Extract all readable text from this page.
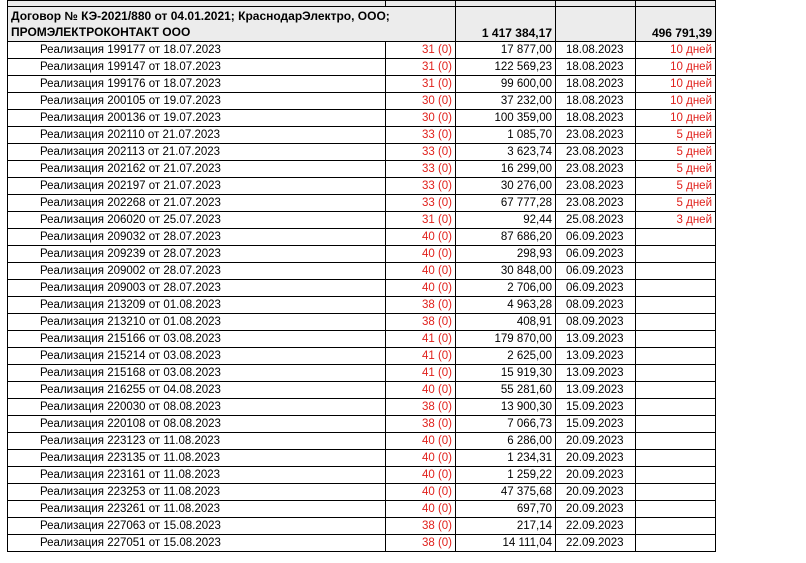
Договор № КЭ-2021/880 от 04.01.2021; КраснодарЭлектро, ООО;
ПРОМЭЛЕКТРОКОНТАКТ ООО		1 417 384,17		496 791,39
Реализация 199177 от 18.07.2023	31 (0)	17 877,00	18.08.2023	10 дней
Реализация 199147 от 18.07.2023	31 (0)	122 569,23	18.08.2023	10 дней
Реализация 199176 от 18.07.2023	31 (0)	99 600,00	18.08.2023	10 дней
Реализация 200105 от 19.07.2023	30 (0)	37 232,00	18.08.2023	10 дней
Реализация 200136 от 19.07.2023	30 (0)	100 359,00	18.08.2023	10 дней
Реализация 202110 от 21.07.2023	33 (0)	1 085,70	23.08.2023	5 дней
Реализация 202113 от 21.07.2023	33 (0)	3 623,74	23.08.2023	5 дней
Реализация 202162 от 21.07.2023	33 (0)	16 299,00	23.08.2023	5 дней
Реализация 202197 от 21.07.2023	33 (0)	30 276,00	23.08.2023	5 дней
Реализация 202268 от 21.07.2023	33 (0)	67 777,28	23.08.2023	5 дней
Реализация 206020 от 25.07.2023	31 (0)	92,44	25.08.2023	3 дней
Реализация 209032 от 28.07.2023	40 (0)	87 686,20	06.09.2023	
Реализация 209239 от 28.07.2023	40 (0)	298,93	06.09.2023	
Реализация 209002 от 28.07.2023	40 (0)	30 848,00	06.09.2023	
Реализация 209003 от 28.07.2023	40 (0)	2 706,00	06.09.2023	
Реализация 213209 от 01.08.2023	38 (0)	4 963,28	08.09.2023	
Реализация 213210 от 01.08.2023	38 (0)	408,91	08.09.2023	
Реализация 215166 от 03.08.2023	41 (0)	179 870,00	13.09.2023	
Реализация 215214 от 03.08.2023	41 (0)	2 625,00	13.09.2023	
Реализация 215168 от 03.08.2023	41 (0)	15 919,30	13.09.2023	
Реализация 216255 от 04.08.2023	40 (0)	55 281,60	13.09.2023	
Реализация 220030 от 08.08.2023	38 (0)	13 900,30	15.09.2023	
Реализация 220108 от 08.08.2023	38 (0)	7 066,73	15.09.2023	
Реализация 223123 от 11.08.2023	40 (0)	6 286,00	20.09.2023	
Реализация 223135 от 11.08.2023	40 (0)	1 234,31	20.09.2023	
Реализация 223161 от 11.08.2023	40 (0)	1 259,22	20.09.2023	
Реализация 223253 от 11.08.2023	40 (0)	47 375,68	20.09.2023	
Реализация 223261 от 11.08.2023	40 (0)	697,70	20.09.2023	
Реализация 227063 от 15.08.2023	38 (0)	217,14	22.09.2023	
Реализация 227051 от 15.08.2023	38 (0)	14 111,04	22.09.2023	
